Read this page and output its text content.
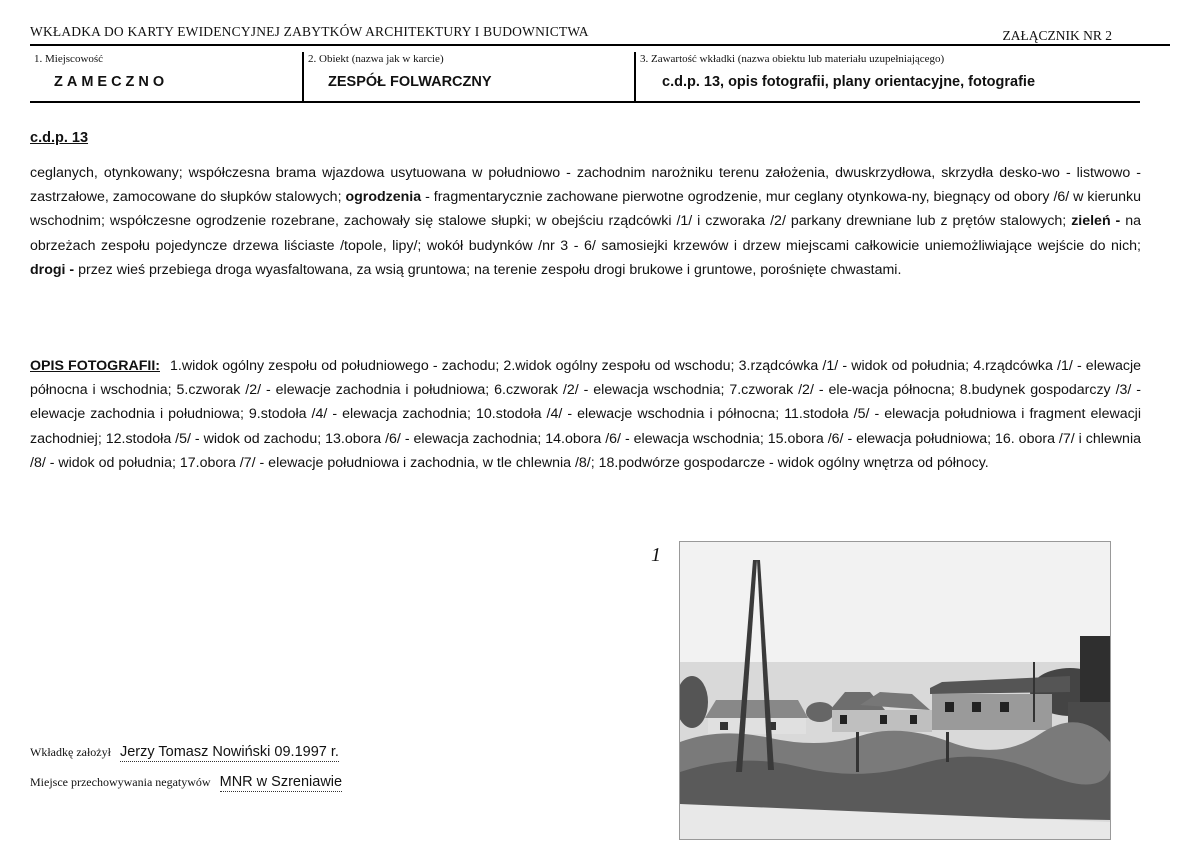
WKŁADKA DO KARTY EWIDENCYJNEJ ZABYTKÓW ARCHITEKTURY I BUDOWNICTWA	ZAŁĄCZNIK NR 2
1. Miejscowość
ZAMECZNO
2. Obiekt (nazwa jak w karcie)
ZESPÓŁ FOLWARCZNY
3. Zawartość wkładki (nazwa obiektu lub materiału uzupełniającego)
c.d.p. 13, opis fotografii, plany orientacyjne, fotografie
c.d.p. 13
ceglanych, otynkowany; współczesna brama wjazdowa usytuowana w południowo - zachodnim narożniku terenu założenia, dwuskrzydłowa, skrzydła desko-wo - listwowo - zastrzałowe, zamocowane do słupków stalowych; ogrodzenia - fragmentarycznie zachowane pierwotne ogrodzenie, mur ceglany otynkowa-ny, biegnący od obory /6/ w kierunku wschodnim; współczesne ogrodzenie rozebrane, zachowały się stalowe słupki; w obejściu rządcówki /1/ i czworaka /2/ parkany drewniane lub z prętów stalowych; zieleń - na obrzeżach zespołu pojedyncze drzewa liściaste /topole, lipy/; wokół budynków /nr 3 - 6/ samosiejki krzewów i drzew miejscami całkowicie uniemożliwiające wejście do nich; drogi - przez wieś przebiega droga wyasfaltowana, za wsią gruntowa; na terenie zespołu drogi brukowe i gruntowe, porośnięte chwastami.
OPIS FOTOGRAFII: 1.widok ogólny zespołu od południowego - zachodu; 2.widok ogólny zespołu od wschodu; 3.rządcówka /1/ - widok od południa; 4.rządcówka /1/ - elewacje północna i wschodnia; 5.czworak /2/ - elewacje zachodnia i południowa; 6.czworak /2/ - elewacja wschodnia; 7.czworak /2/ - ele-wacja północna; 8.budynek gospodarczy /3/ - elewacje zachodnia i południowa; 9.stodoła /4/ - elewacja zachodnia; 10.stodoła /4/ - elewacje wschodnia i północna; 11.stodoła /5/ - elewacja południowa i fragment elewacji zachodniej; 12.stodoła /5/ - widok od zachodu; 13.obora /6/ - elewacja zachodnia; 14.obora /6/ - elewacja wschodnia; 15.obora /6/ - elewacja południowa; 16. obora /7/ i chlewnia /8/ - widok od południa; 17.obora /7/ - elewacje południowa i zachodnia, w tle chlewnia /8/; 18.podwórze gospodarcze - widok ogólny wnętrza od północy.
1
Wkładkę założył Jerzy Tomasz Nowiński 09.1997 r.
Miejsce przechowywania negatywów MNR w Szreniawie
